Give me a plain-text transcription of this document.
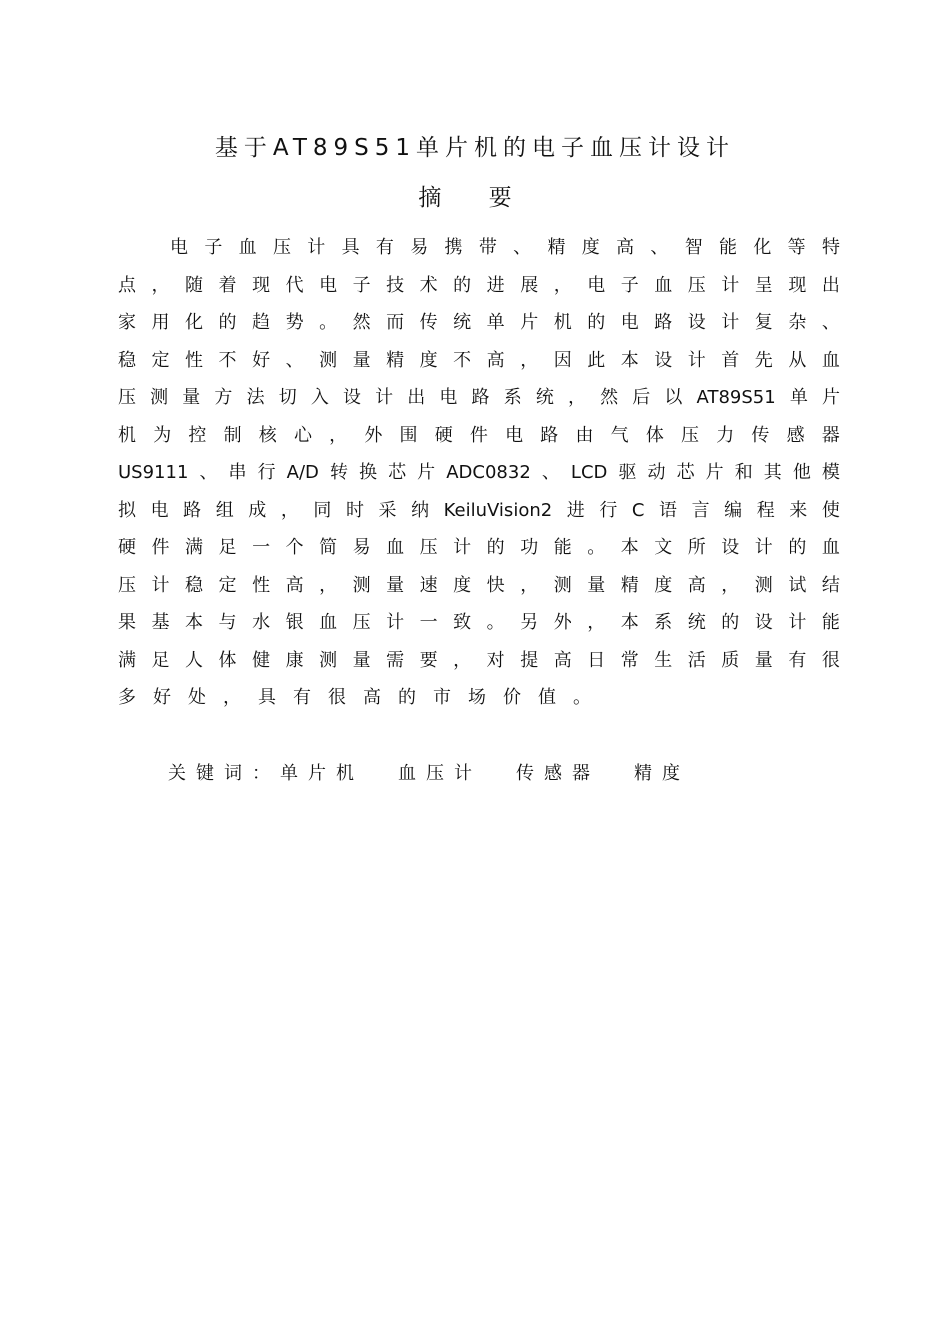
基于AT89S51单片机的电子血压计设计
摘 要
电 子 血 压 计 具 有 易 携 带 、 精 度 高 、 智 能 化 等 特
点 ， 随 着 现 代 电 子 技 术 的 进 展 ， 电 子 血 压 计 呈 现 出
家 用 化 的 趋 势 。 然 而 传 统 单 片 机 的 电 路 设 计 复 杂 、
稳 定 性 不 好 、 测 量 精 度 不 高 ， 因 此 本 设 计 首 先 从 血
压 测 量 方 法 切 入 设 计 出 电 路 系 统 ， 然 后 以 AT89S51 单 片
机 为 控 制 核 心 ， 外 围 硬 件 电 路 由 气 体 压 力 传 感 器
US9111 、 串 行 A/D 转 换 芯 片 ADC0832 、 LCD 驱 动 芯 片 和 其 他 模
拟 电 路 组 成 ， 同 时 采 纳 KeiluVision2 进 行 C 语 言 编 程 来 使
硬 件 满 足 一 个 简 易 血 压 计 的 功 能 。 本 文 所 设 计 的 血
压 计 稳 定 性 高 ， 测 量 速 度 快 ， 测 量 精 度 高 ， 测 试 结
果 基 本 与 水 银 血 压 计 一 致 。 另 外 ， 本 系 统 的 设 计 能
满 足 人 体 健 康 测 量 需 要 ， 对 提 高 日 常 生 活 质 量 有 很
多 好 处 ， 具 有 很 高 的 市 场 价 值 。
关键词：单片机 血压计 传感器 精度
